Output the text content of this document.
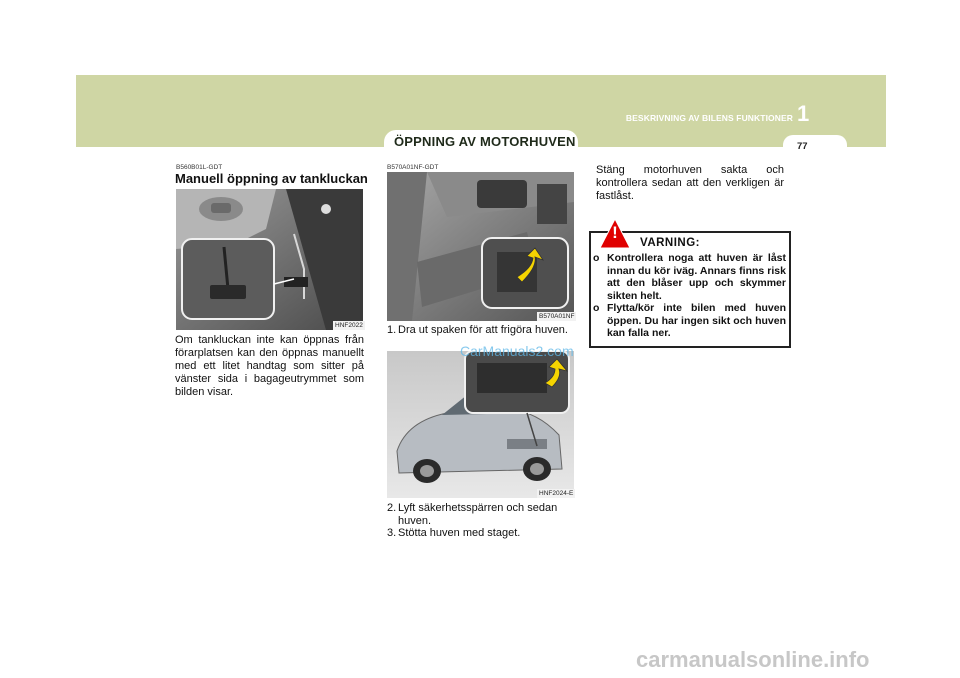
1
BESKRIVNING AV BILENS FUNKTIONER
77
ÖPPNING AV MOTORHUVEN
B560B01L-GDT
Manuell öppning av tankluckan
HNF2022
Om tankluckan inte kan öppnas från förarplatsen kan den öppnas manuellt med ett litet handtag som sitter på vänster sida i bagageutrymmet som bilden visar.
B570A01NF-GDT
B570A01NF
1. Dra ut spaken för att frigöra huven.
HNF2024-E
2. Lyft säkerhetsspärren och sedan
huven.
3. Stötta huven med staget.
CarManuals2.com
Stäng motorhuven sakta och kontrollera sedan att den verkligen är fastlåst.
!
VARNING:
o Kontrollera noga att huven är låst innan du kör iväg. Annars finns risk att den blåser upp och skymmer sikten helt.
o Flytta/kör inte bilen med huven öppen. Du har ingen sikt och huven kan falla ner.
carmanualsonline.info
